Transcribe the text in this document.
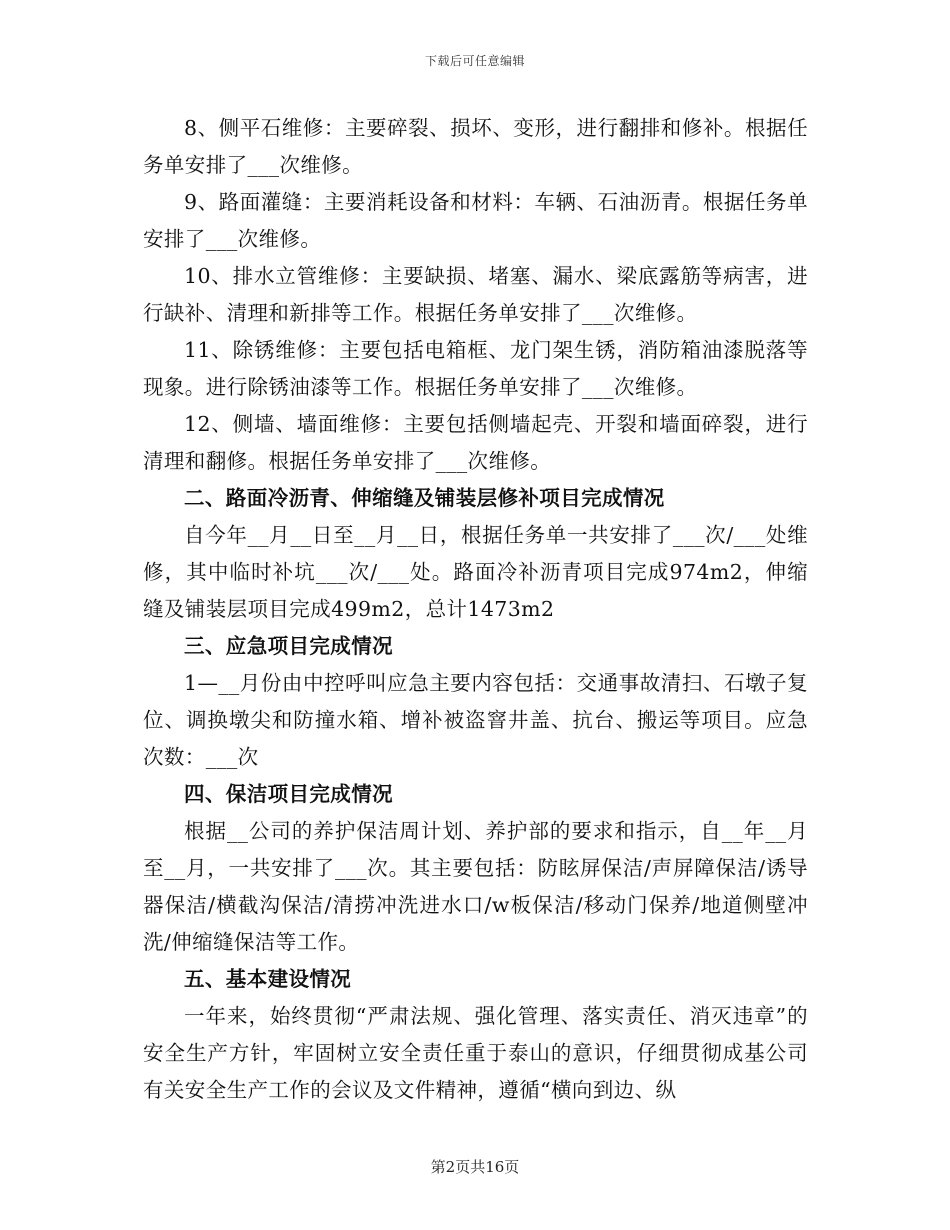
下载后可任意编辑

8、侧平石维修：主要碎裂、损坏、变形，进行翻排和修补。根据任务单安排了___次维修。

9、路面灌缝：主要消耗设备和材料：车辆、石油沥青。根据任务单安排了___次维修。

10、排水立管维修：主要缺损、堵塞、漏水、梁底露筋等病害，进行缺补、清理和新排等工作。根据任务单安排了___次维修。

11、除锈维修：主要包括电箱框、龙门架生锈，消防箱油漆脱落等现象。进行除锈油漆等工作。根据任务单安排了___次维修。

12、侧墙、墙面维修：主要包括侧墙起壳、开裂和墙面碎裂，进行清理和翻修。根据任务单安排了___次维修。

二、路面冷沥青、伸缩缝及铺装层修补项目完成情况

自今年__月__日至__月__日，根据任务单一共安排了___次/___处维修，其中临时补坑___次/___处。路面冷补沥青项目完成974m2，伸缩缝及铺装层项目完成499m2，总计1473m2

三、应急项目完成情况

1—__月份由中控呼叫应急主要内容包括：交通事故清扫、石墩子复位、调换墩尖和防撞水箱、增补被盗窨井盖、抗台、搬运等项目。应急次数：___次

四、保洁项目完成情况

根据__公司的养护保洁周计划、养护部的要求和指示，自__年__月至__月，一共安排了___次。其主要包括：防眩屏保洁/声屏障保洁/诱导器保洁/横截沟保洁/清捞冲洗进水口/w板保洁/移动门保养/地道侧壁冲洗/伸缩缝保洁等工作。

五、基本建设情况

一年来，始终贯彻“严肃法规、强化管理、落实责任、消灭违章”的安全生产方针，牢固树立安全责任重于泰山的意识，仔细贯彻成基公司有关安全生产工作的会议及文件精神，遵循“横向到边、纵

第2页共16页
